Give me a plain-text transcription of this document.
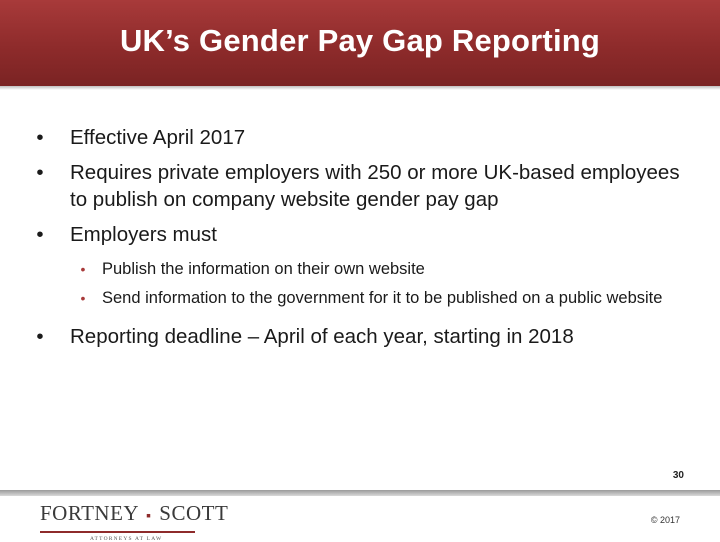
UK’s Gender Pay Gap Reporting
•	Effective April 2017
•	Requires private employers with 250 or more UK-based employees to publish on company website gender pay gap
•	Employers must
• Publish the information on their own website
• Send information to the government for it to be published on a public website
•	Reporting deadline – April of each year, starting in 2018
30
FORTNEY ▪ SCOTT
ATTORNEYS AT LAW
© 2017
